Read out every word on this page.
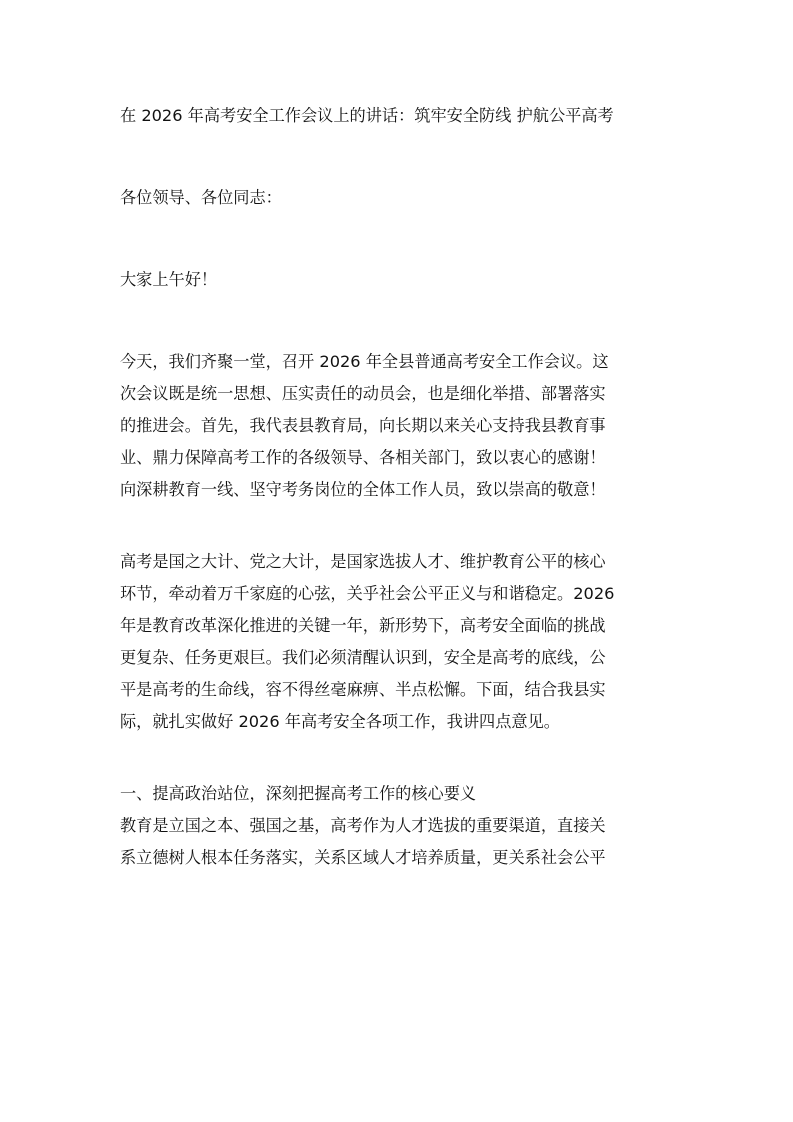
在 2026 年高考安全工作会议上的讲话：筑牢安全防线 护航公平高考
各位领导、各位同志：
大家上午好！
今天，我们齐聚一堂，召开 2026 年全县普通高考安全工作会议。这
次会议既是统一思想、压实责任的动员会，也是细化举措、部署落实
的推进会。首先，我代表县教育局，向长期以来关心支持我县教育事
业、鼎力保障高考工作的各级领导、各相关部门，致以衷心的感谢！
向深耕教育一线、坚守考务岗位的全体工作人员，致以崇高的敬意！
高考是国之大计、党之大计，是国家选拔人才、维护教育公平的核心
环节，牵动着万千家庭的心弦，关乎社会公平正义与和谐稳定。2026
年是教育改革深化推进的关键一年，新形势下，高考安全面临的挑战
更复杂、任务更艰巨。我们必须清醒认识到，安全是高考的底线，公
平是高考的生命线，容不得丝毫麻痹、半点松懈。下面，结合我县实
际，就扎实做好 2026 年高考安全各项工作，我讲四点意见。
一、提高政治站位，深刻把握高考工作的核心要义
教育是立国之本、强国之基，高考作为人才选拔的重要渠道，直接关
系立德树人根本任务落实，关系区域人才培养质量，更关系社会公平
